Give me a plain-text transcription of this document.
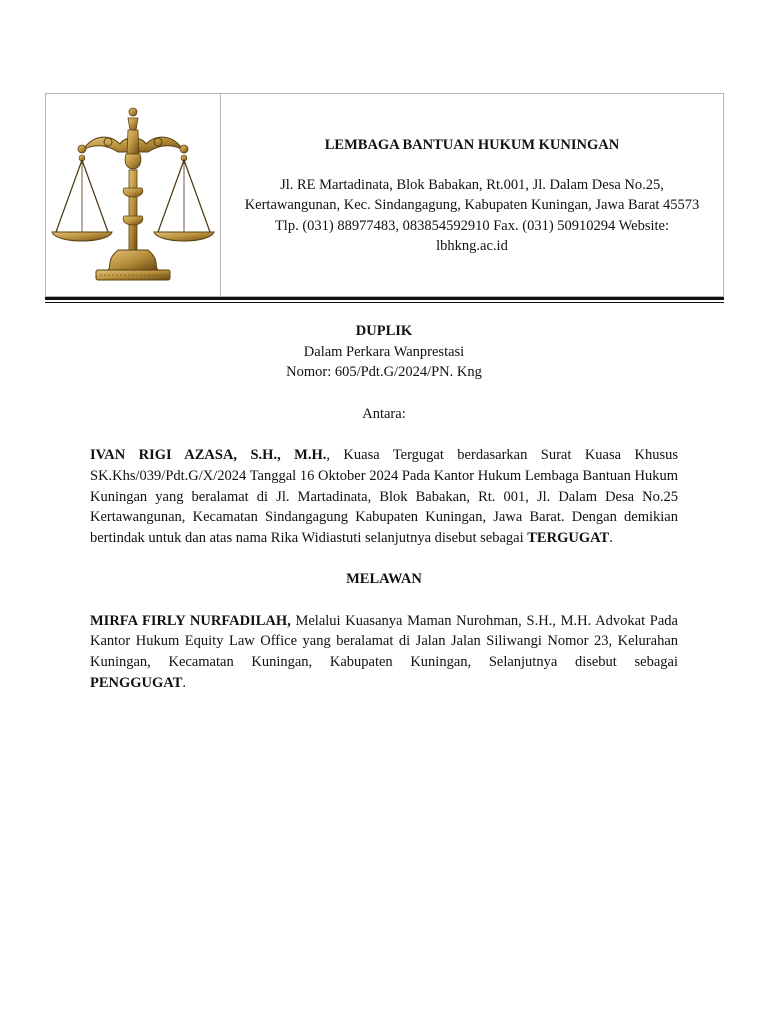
LEMBAGA BANTUAN HUKUM KUNINGAN
Jl. RE Martadinata, Blok Babakan, Rt.001, Jl. Dalam Desa No.25,
Kertawangunan, Kec. Sindangagung, Kabupaten Kuningan, Jawa Barat 45573
Tlp. (031) 88977483, 083854592910 Fax. (031) 50910294 Website:
lbhkng.ac.id

DUPLIK

Dalam Perkara Wanprestasi

Nomor: 605/Pdt.G/2024/PN. Kng

Antara:

IVAN RIGI AZASA, S.H., M.H., Kuasa Tergugat berdasarkan Surat Kuasa Khusus SK.Khs/039/Pdt.G/X/2024 Tanggal 16 Oktober 2024 Pada Kantor Hukum Lembaga Bantuan Hukum Kuningan yang beralamat di Jl. Martadinata, Blok Babakan, Rt. 001, Jl. Dalam Desa No.25 Kertawangunan, Kecamatan Sindangagung Kabupaten Kuningan, Jawa Barat. Dengan demikian bertindak untuk dan atas nama Rika Widiastuti selanjutnya disebut sebagai TERGUGAT.

MELAWAN

MIRFA FIRLY NURFADILAH, Melalui Kuasanya Maman Nurohman, S.H., M.H. Advokat Pada Kantor Hukum Equity Law Office yang beralamat di Jalan Jalan Siliwangi Nomor 23, Kelurahan Kuningan, Kecamatan Kuningan, Kabupaten Kuningan, Selanjutnya disebut sebagai PENGGUGAT.
